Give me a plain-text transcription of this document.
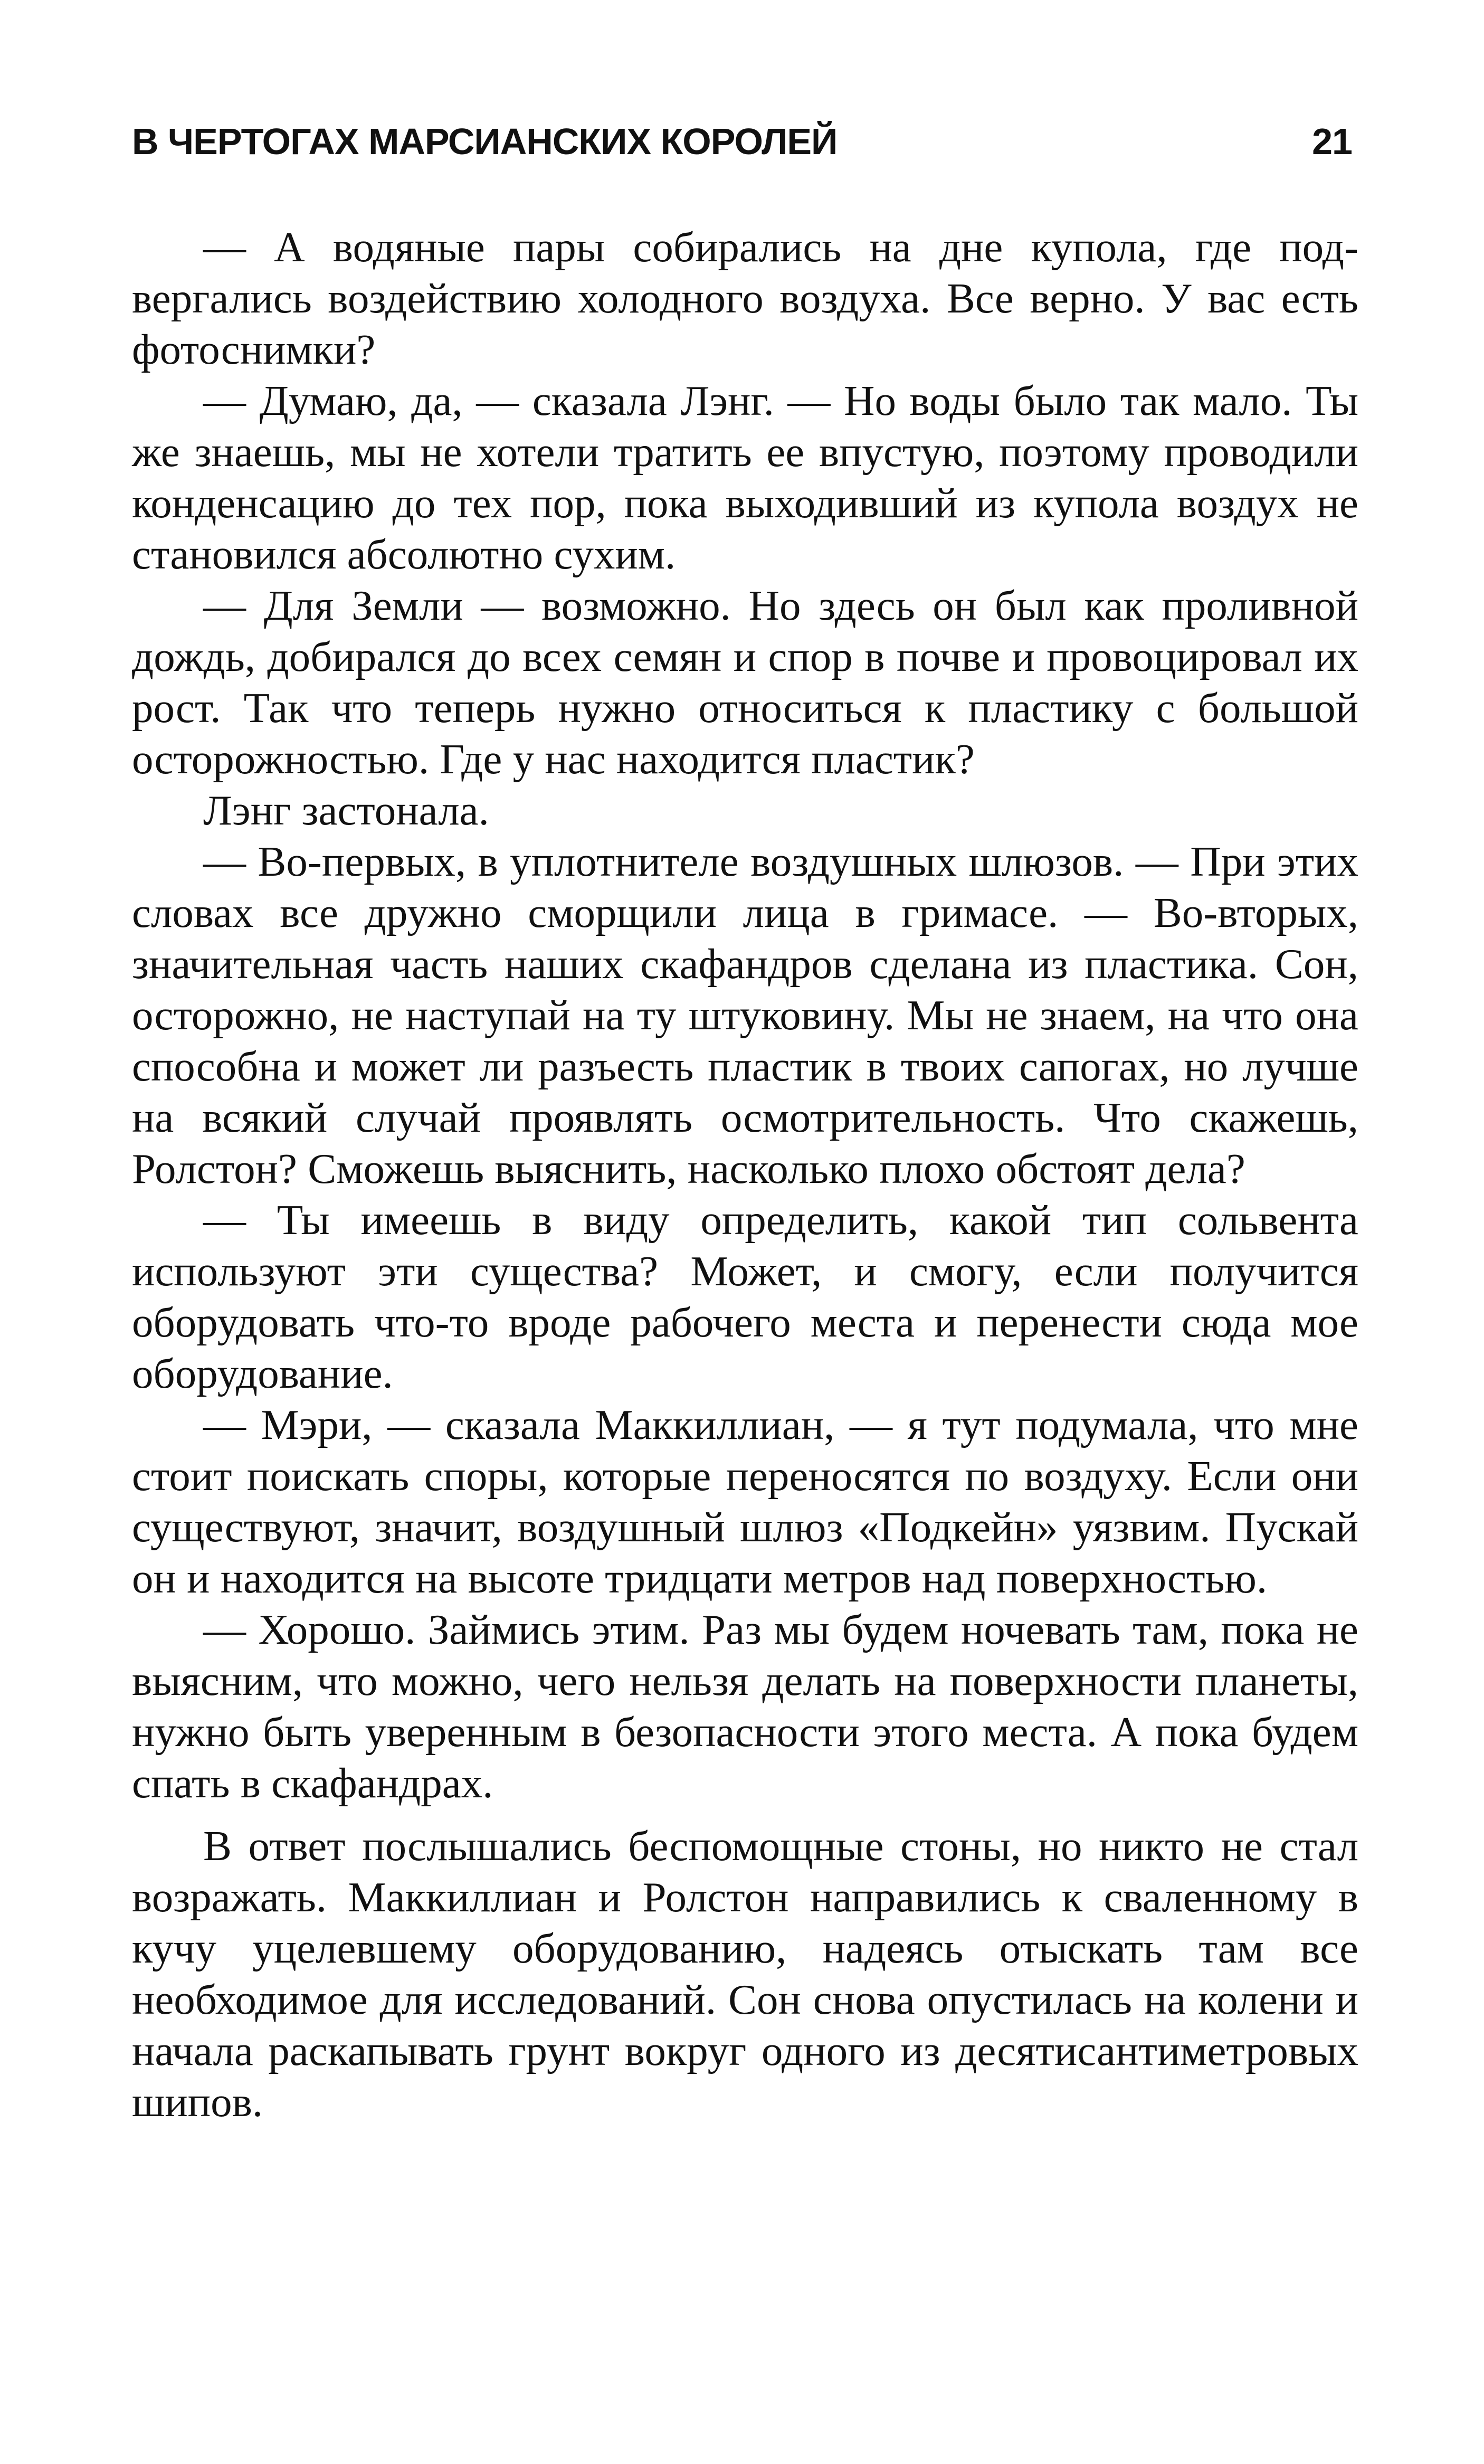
В ЧЕРТОГАХ МАРСИАНСКИХ КОРОЛЕЙ	21

— А водяные пары собирались на дне купола, где подвергались воздействию холодного воздуха. Все верно. У вас есть фотоснимки?

— Думаю, да, — сказала Лэнг. — Но воды было так мало. Ты же знаешь, мы не хотели тратить ее впустую, поэтому проводили конденсацию до тех пор, пока выходивший из купола воздух не становился абсолютно сухим.

— Для Земли — возможно. Но здесь он был как проливной дождь, добирался до всех семян и спор в почве и провоцировал их рост. Так что теперь нужно относиться к пластику с большой осторожностью. Где у нас находится пластик?

Лэнг застонала.

— Во-первых, в уплотнителе воздушных шлюзов. — При этих словах все дружно сморщили лица в гримасе. — Во-вторых, значительная часть наших скафандров сделана из пластика. Сон, осторожно, не наступай на ту штуковину. Мы не знаем, на что она способна и может ли разъесть пластик в твоих сапогах, но лучше на всякий случай проявлять осмотрительность. Что скажешь, Ролстон? Сможешь выяснить, насколько плохо обстоят дела?

— Ты имеешь в виду определить, какой тип сольвента используют эти существа? Может, и смогу, если получится оборудовать что-то вроде рабочего места и перенести сюда мое оборудование.

— Мэри, — сказала Маккиллиан, — я тут подумала, что мне стоит поискать споры, которые переносятся по воздуху. Если они существуют, значит, воздушный шлюз «Подкейн» уязвим. Пускай он и находится на высоте тридцати метров над поверхностью.

— Хорошо. Займись этим. Раз мы будем ночевать там, пока не выясним, что можно, чего нельзя делать на поверхности планеты, нужно быть уверенным в безопасности этого места. А пока будем спать в скафандрах.

В ответ послышались беспомощные стоны, но никто не стал возражать. Маккиллиан и Ролстон направились к сваленному в кучу уцелевшему оборудованию, надеясь отыскать там все необходимое для исследований. Сон снова опустилась на колени и начала раскапывать грунт вокруг одного из десятисантиметровых шипов.
